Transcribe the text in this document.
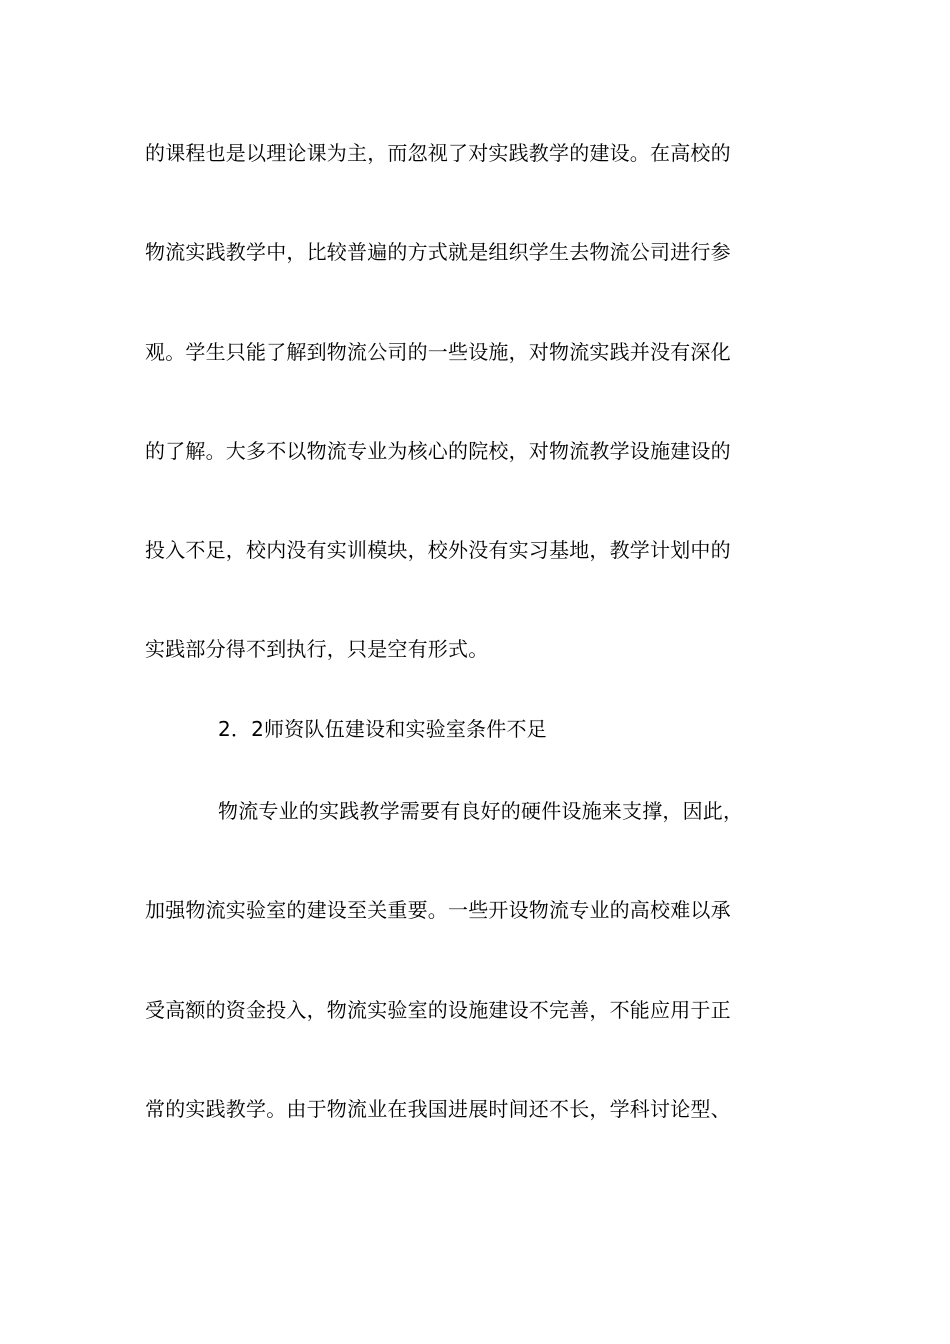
的课程也是以理论课为主，而忽视了对实践教学的建设。在高校的
物流实践教学中，比较普遍的方式就是组织学生去物流公司进行参
观。学生只能了解到物流公司的一些设施，对物流实践并没有深化
的了解。大多不以物流专业为核心的院校，对物流教学设施建设的
投入不足，校内没有实训模块，校外没有实习基地，教学计划中的
实践部分得不到执行，只是空有形式。
2．2师资队伍建设和实验室条件不足
物流专业的实践教学需要有良好的硬件设施来支撑，因此，
加强物流实验室的建设至关重要。一些开设物流专业的高校难以承
受高额的资金投入，物流实验室的设施建设不完善，不能应用于正
常的实践教学。由于物流业在我国进展时间还不长，学科讨论型、
